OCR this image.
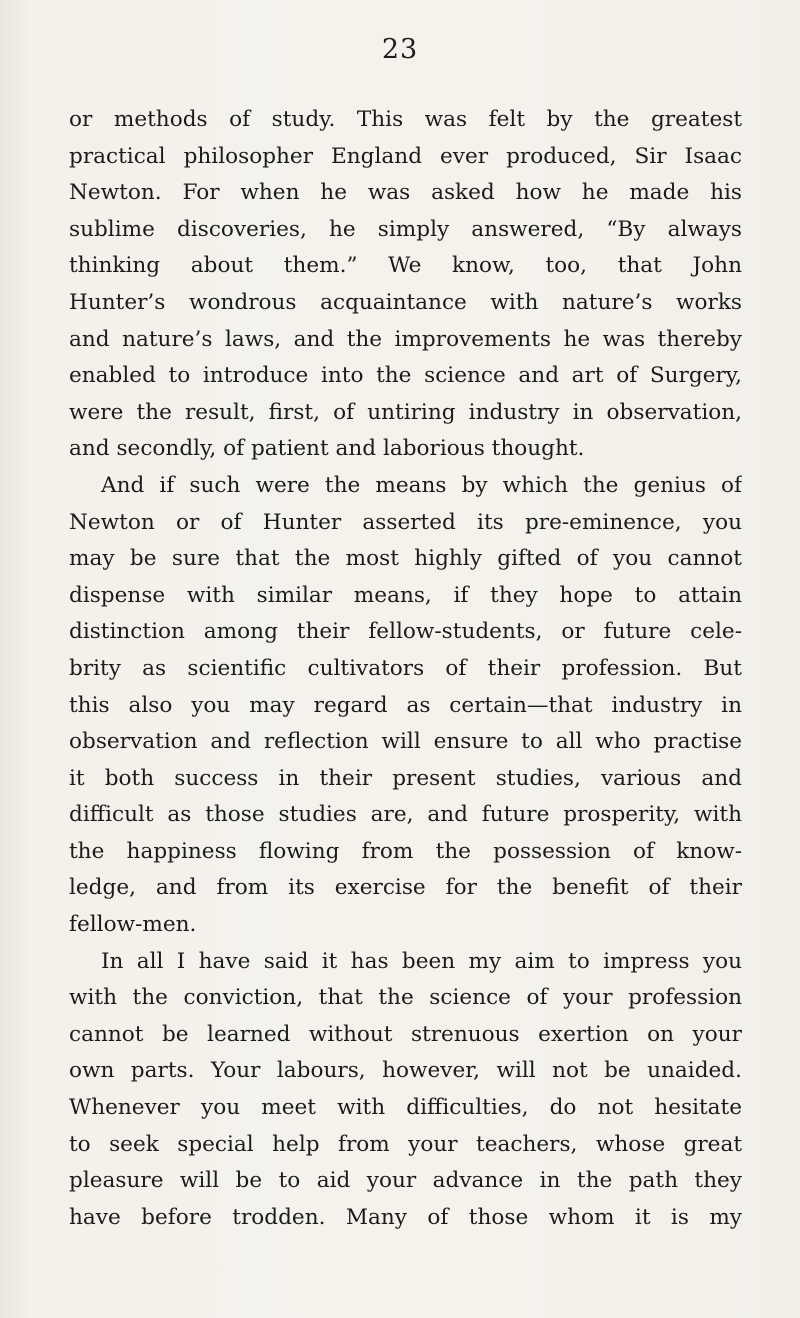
23
or methods of study. This was felt by the greatest
practical philosopher England ever produced, Sir Isaac
Newton. For when he was asked how he made his
sublime discoveries, he simply answered, “By always
thinking about them.” We know, too, that John
Hunter’s wondrous acquaintance with nature’s works
and nature’s laws, and the improvements he was thereby
enabled to introduce into the science and art of Surgery,
were the result, first, of untiring industry in observation,
and secondly, of patient and laborious thought.
And if such were the means by which the genius of
Newton or of Hunter asserted its pre-eminence, you
may be sure that the most highly gifted of you cannot
dispense with similar means, if they hope to attain
distinction among their fellow-students, or future cele-
brity as scientific cultivators of their profession. But
this also you may regard as certain—that industry in
observation and reflection will ensure to all who practise
it both success in their present studies, various and
difficult as those studies are, and future prosperity, with
the happiness flowing from the possession of know-
ledge, and from its exercise for the benefit of their
fellow-men.
In all I have said it has been my aim to impress you
with the conviction, that the science of your profession
cannot be learned without strenuous exertion on your
own parts. Your labours, however, will not be unaided.
Whenever you meet with difficulties, do not hesitate
to seek special help from your teachers, whose great
pleasure will be to aid your advance in the path they
have before trodden. Many of those whom it is my
